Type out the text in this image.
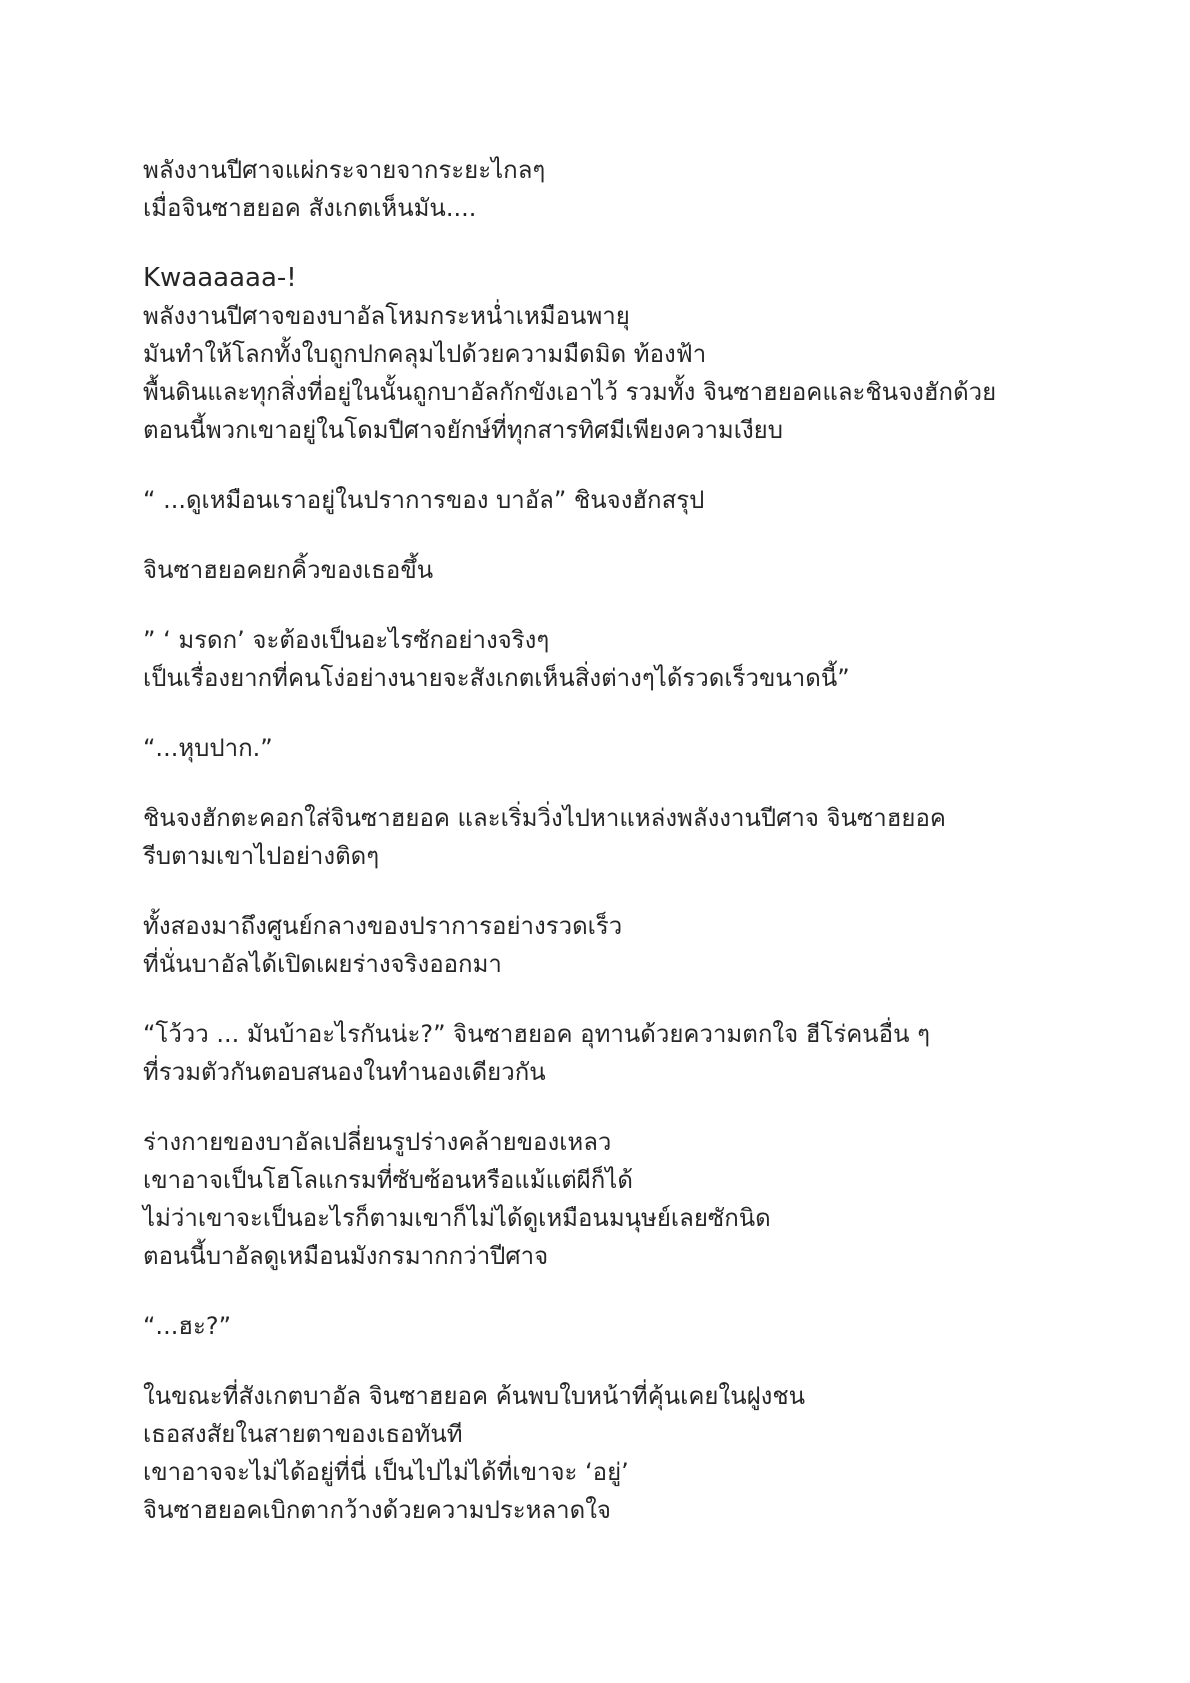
พลังงานปีศาจแผ่กระจายจากระยะไกลๆ
เมื่อจินซาฮยอค สังเกตเห็นมัน....
Kwaaaaaa-!
พลังงานปีศาจของบาอัลโหมกระหน่ำเหมือนพายุ
มันทำให้โลกทั้งใบถูกปกคลุมไปด้วยความมืดมิด ท้องฟ้า
พื้นดินและทุกสิ่งที่อยู่ในนั้นถูกบาอัลกักขังเอาไว้ รวมทั้ง จินซาฮยอคและชินจงฮักด้วย
ตอนนี้พวกเขาอยู่ในโดมปีศาจยักษ์ที่ทุกสารทิศมีเพียงความเงียบ
“ ...ดูเหมือนเราอยู่ในปราการของ บาอัล” ชินจงฮักสรุป
จินซาฮยอคยกคิ้วของเธอขึ้น
” ‘ มรดก’ จะต้องเป็นอะไรซักอย่างจริงๆ
เป็นเรื่องยากที่คนโง่อย่างนายจะสังเกตเห็นสิ่งต่างๆได้รวดเร็วขนาดนี้”
“...หุบปาก.”
ชินจงฮักตะคอกใส่จินซาฮยอค และเริ่มวิ่งไปหาแหล่งพลังงานปีศาจ จินซาฮยอค
รีบตามเขาไปอย่างติดๆ
ทั้งสองมาถึงศูนย์กลางของปราการอย่างรวดเร็ว
ที่นั่นบาอัลได้เปิดเผยร่างจริงออกมา
“โว้วว ... มันบ้าอะไรกันน่ะ?” จินซาฮยอค อุทานด้วยความตกใจ ฮีโร่คนอื่น ๆ
ที่รวมตัวกันตอบสนองในทำนองเดียวกัน
ร่างกายของบาอัลเปลี่ยนรูปร่างคล้ายของเหลว
เขาอาจเป็นโฮโลแกรมที่ซับซ้อนหรือแม้แต่ผีก็ได้
ไม่ว่าเขาจะเป็นอะไรก็ตามเขาก็ไม่ได้ดูเหมือนมนุษย์เลยซักนิด
ตอนนี้บาอัลดูเหมือนมังกรมากกว่าปีศาจ
“...ฮะ?”
ในขณะที่สังเกตบาอัล จินซาฮยอค ค้นพบใบหน้าที่คุ้นเคยในฝูงชน
เธอสงสัยในสายตาของเธอทันที
เขาอาจจะไม่ได้อยู่ที่นี่ เป็นไปไม่ได้ที่เขาจะ ‘อยู่’
จินซาฮยอคเบิกตากว้างด้วยความประหลาดใจ
